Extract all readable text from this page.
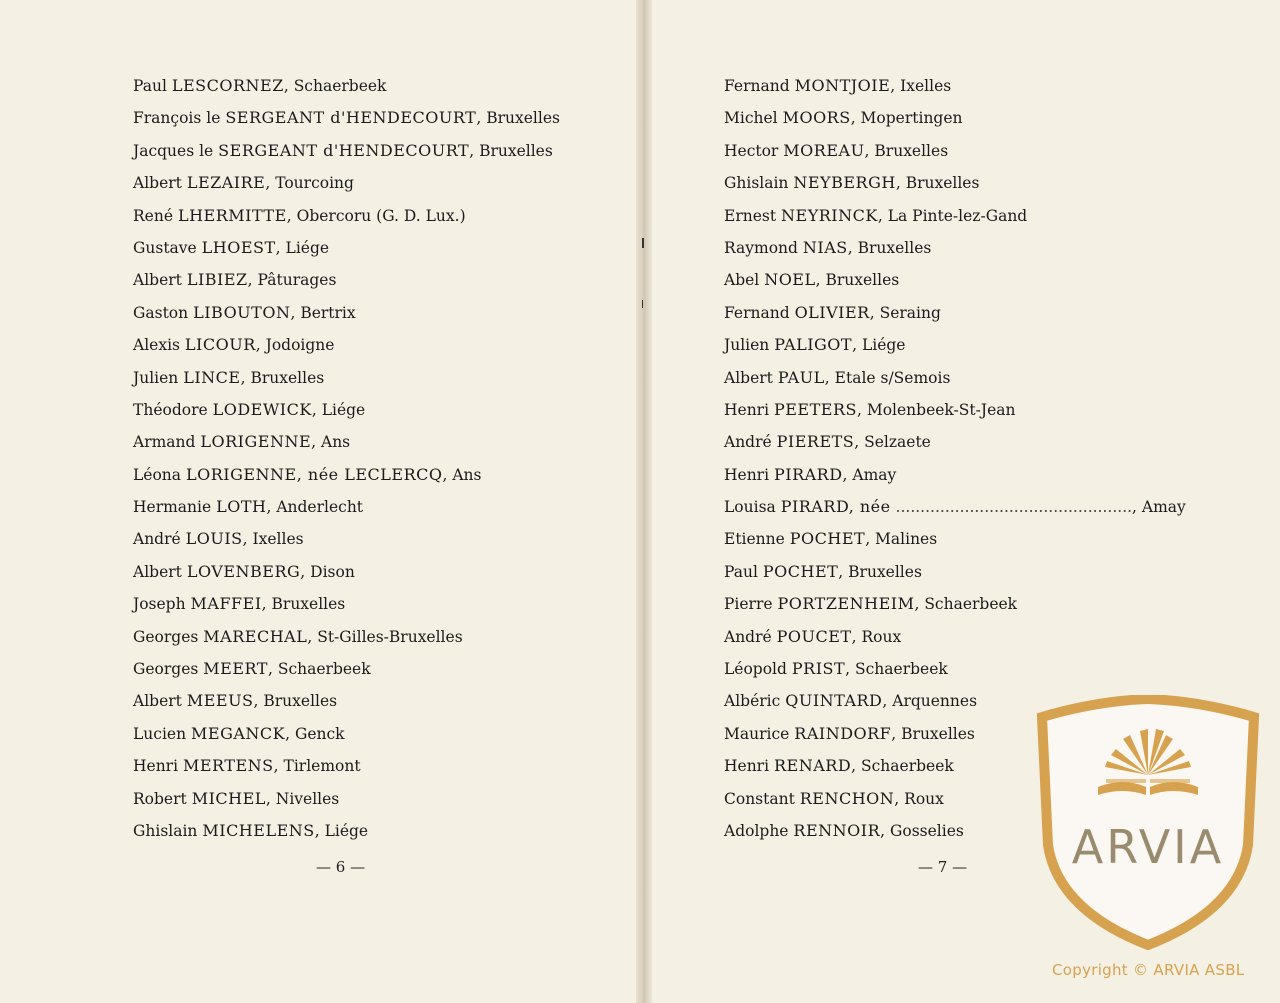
Paul LESCORNEZ, Schaerbeek
François le SERGEANT d'HENDECOURT, Bruxelles
Jacques le SERGEANT d'HENDECOURT, Bruxelles
Albert LEZAIRE, Tourcoing
René LHERMITTE, Obercoru (G. D. Lux.)
Gustave LHOEST, Liége
Albert LIBIEZ, Pâturages
Gaston LIBOUTON, Bertrix
Alexis LICOUR, Jodoigne
Julien LINCE, Bruxelles
Théodore LODEWICK, Liége
Armand LORIGENNE, Ans
Léona LORIGENNE, née LECLERCQ, Ans
Hermanie LOTH, Anderlecht
André LOUIS, Ixelles
Albert LOVENBERG, Dison
Joseph MAFFEI, Bruxelles
Georges MARECHAL, St-Gilles-Bruxelles
Georges MEERT, Schaerbeek
Albert MEEUS, Bruxelles
Lucien MEGANCK, Genck
Henri MERTENS, Tirlemont
Robert MICHEL, Nivelles
Ghislain MICHELENS, Liége
Fernand MONTJOIE, Ixelles
Michel MOORS, Mopertingen
Hector MOREAU, Bruxelles
Ghislain NEYBERGH, Bruxelles
Ernest NEYRINCK, La Pinte-lez-Gand
Raymond NIAS, Bruxelles
Abel NOEL, Bruxelles
Fernand OLIVIER, Seraing
Julien PALIGOT, Liége
Albert PAUL, Etale s/Semois
Henri PEETERS, Molenbeek-St-Jean
André PIERETS, Selzaete
Henri PIRARD, Amay
Louisa PIRARD, née ................................................, Amay
Etienne POCHET, Malines
Paul POCHET, Bruxelles
Pierre PORTZENHEIM, Schaerbeek
André POUCET, Roux
Léopold PRIST, Schaerbeek
Albéric QUINTARD, Arquennes
Maurice RAINDORF, Bruxelles
Henri RENARD, Schaerbeek
Constant RENCHON, Roux
Adolphe RENNOIR, Gosselies
— 6 —	— 7 — ARVIA
Copyright © ARVIA ASBL
